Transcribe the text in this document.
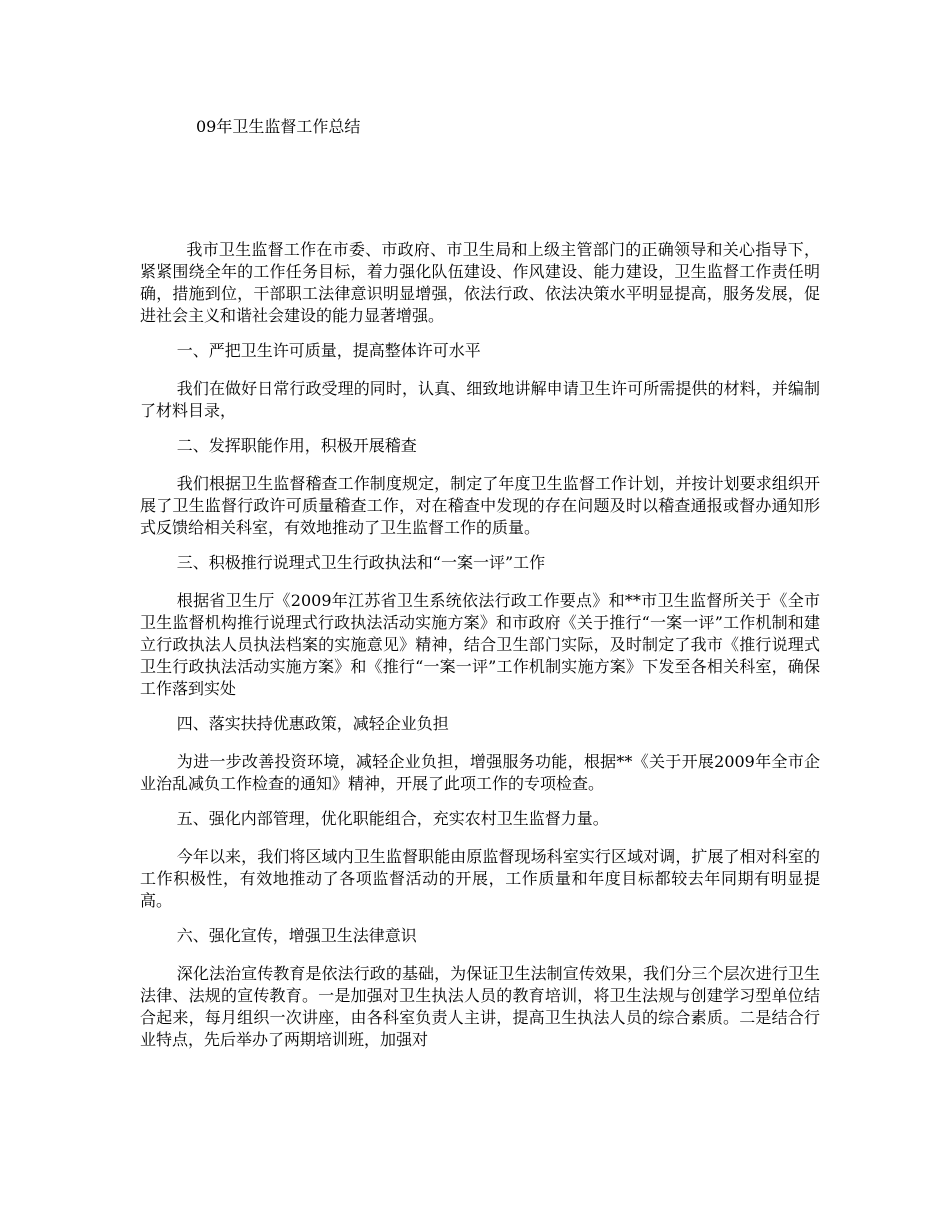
09年卫生监督工作总结

我市卫生监督工作在市委、市政府、市卫生局和上级主管部门的正确领导和关心指导下，紧紧围绕全年的工作任务目标，着力强化队伍建设、作风建设、能力建设，卫生监督工作责任明确，措施到位，干部职工法律意识明显增强，依法行政、依法决策水平明显提高，服务发展，促进社会主义和谐社会建设的能力显著增强。

一、严把卫生许可质量，提高整体许可水平

我们在做好日常行政受理的同时，认真、细致地讲解申请卫生许可所需提供的材料，并编制了材料目录，

二、发挥职能作用，积极开展稽查

我们根据卫生监督稽查工作制度规定，制定了年度卫生监督工作计划，并按计划要求组织开展了卫生监督行政许可质量稽查工作，对在稽查中发现的存在问题及时以稽查通报或督办通知形式反馈给相关科室，有效地推动了卫生监督工作的质量。

三、积极推行说理式卫生行政执法和“一案一评”工作

根据省卫生厅《2009年江苏省卫生系统依法行政工作要点》和**市卫生监督所关于《全市卫生监督机构推行说理式行政执法活动实施方案》和市政府《关于推行“一案一评”工作机制和建立行政执法人员执法档案的实施意见》精神，结合卫生部门实际，及时制定了我市《推行说理式卫生行政执法活动实施方案》和《推行“一案一评”工作机制实施方案》下发至各相关科室，确保工作落到实处

四、落实扶持优惠政策，减轻企业负担

为进一步改善投资环境，减轻企业负担，增强服务功能，根据**《关于开展2009年全市企业治乱减负工作检查的通知》精神，开展了此项工作的专项检查。

五、强化内部管理，优化职能组合，充实农村卫生监督力量。

今年以来，我们将区域内卫生监督职能由原监督现场科室实行区域对调，扩展了相对科室的工作积极性，有效地推动了各项监督活动的开展，工作质量和年度目标都较去年同期有明显提高。

六、强化宣传，增强卫生法律意识

深化法治宣传教育是依法行政的基础，为保证卫生法制宣传效果，我们分三个层次进行卫生法律、法规的宣传教育。一是加强对卫生执法人员的教育培训，将卫生法规与创建学习型单位结合起来，每月组织一次讲座，由各科室负责人主讲，提高卫生执法人员的综合素质。二是结合行业特点，先后举办了两期培训班，加强对
